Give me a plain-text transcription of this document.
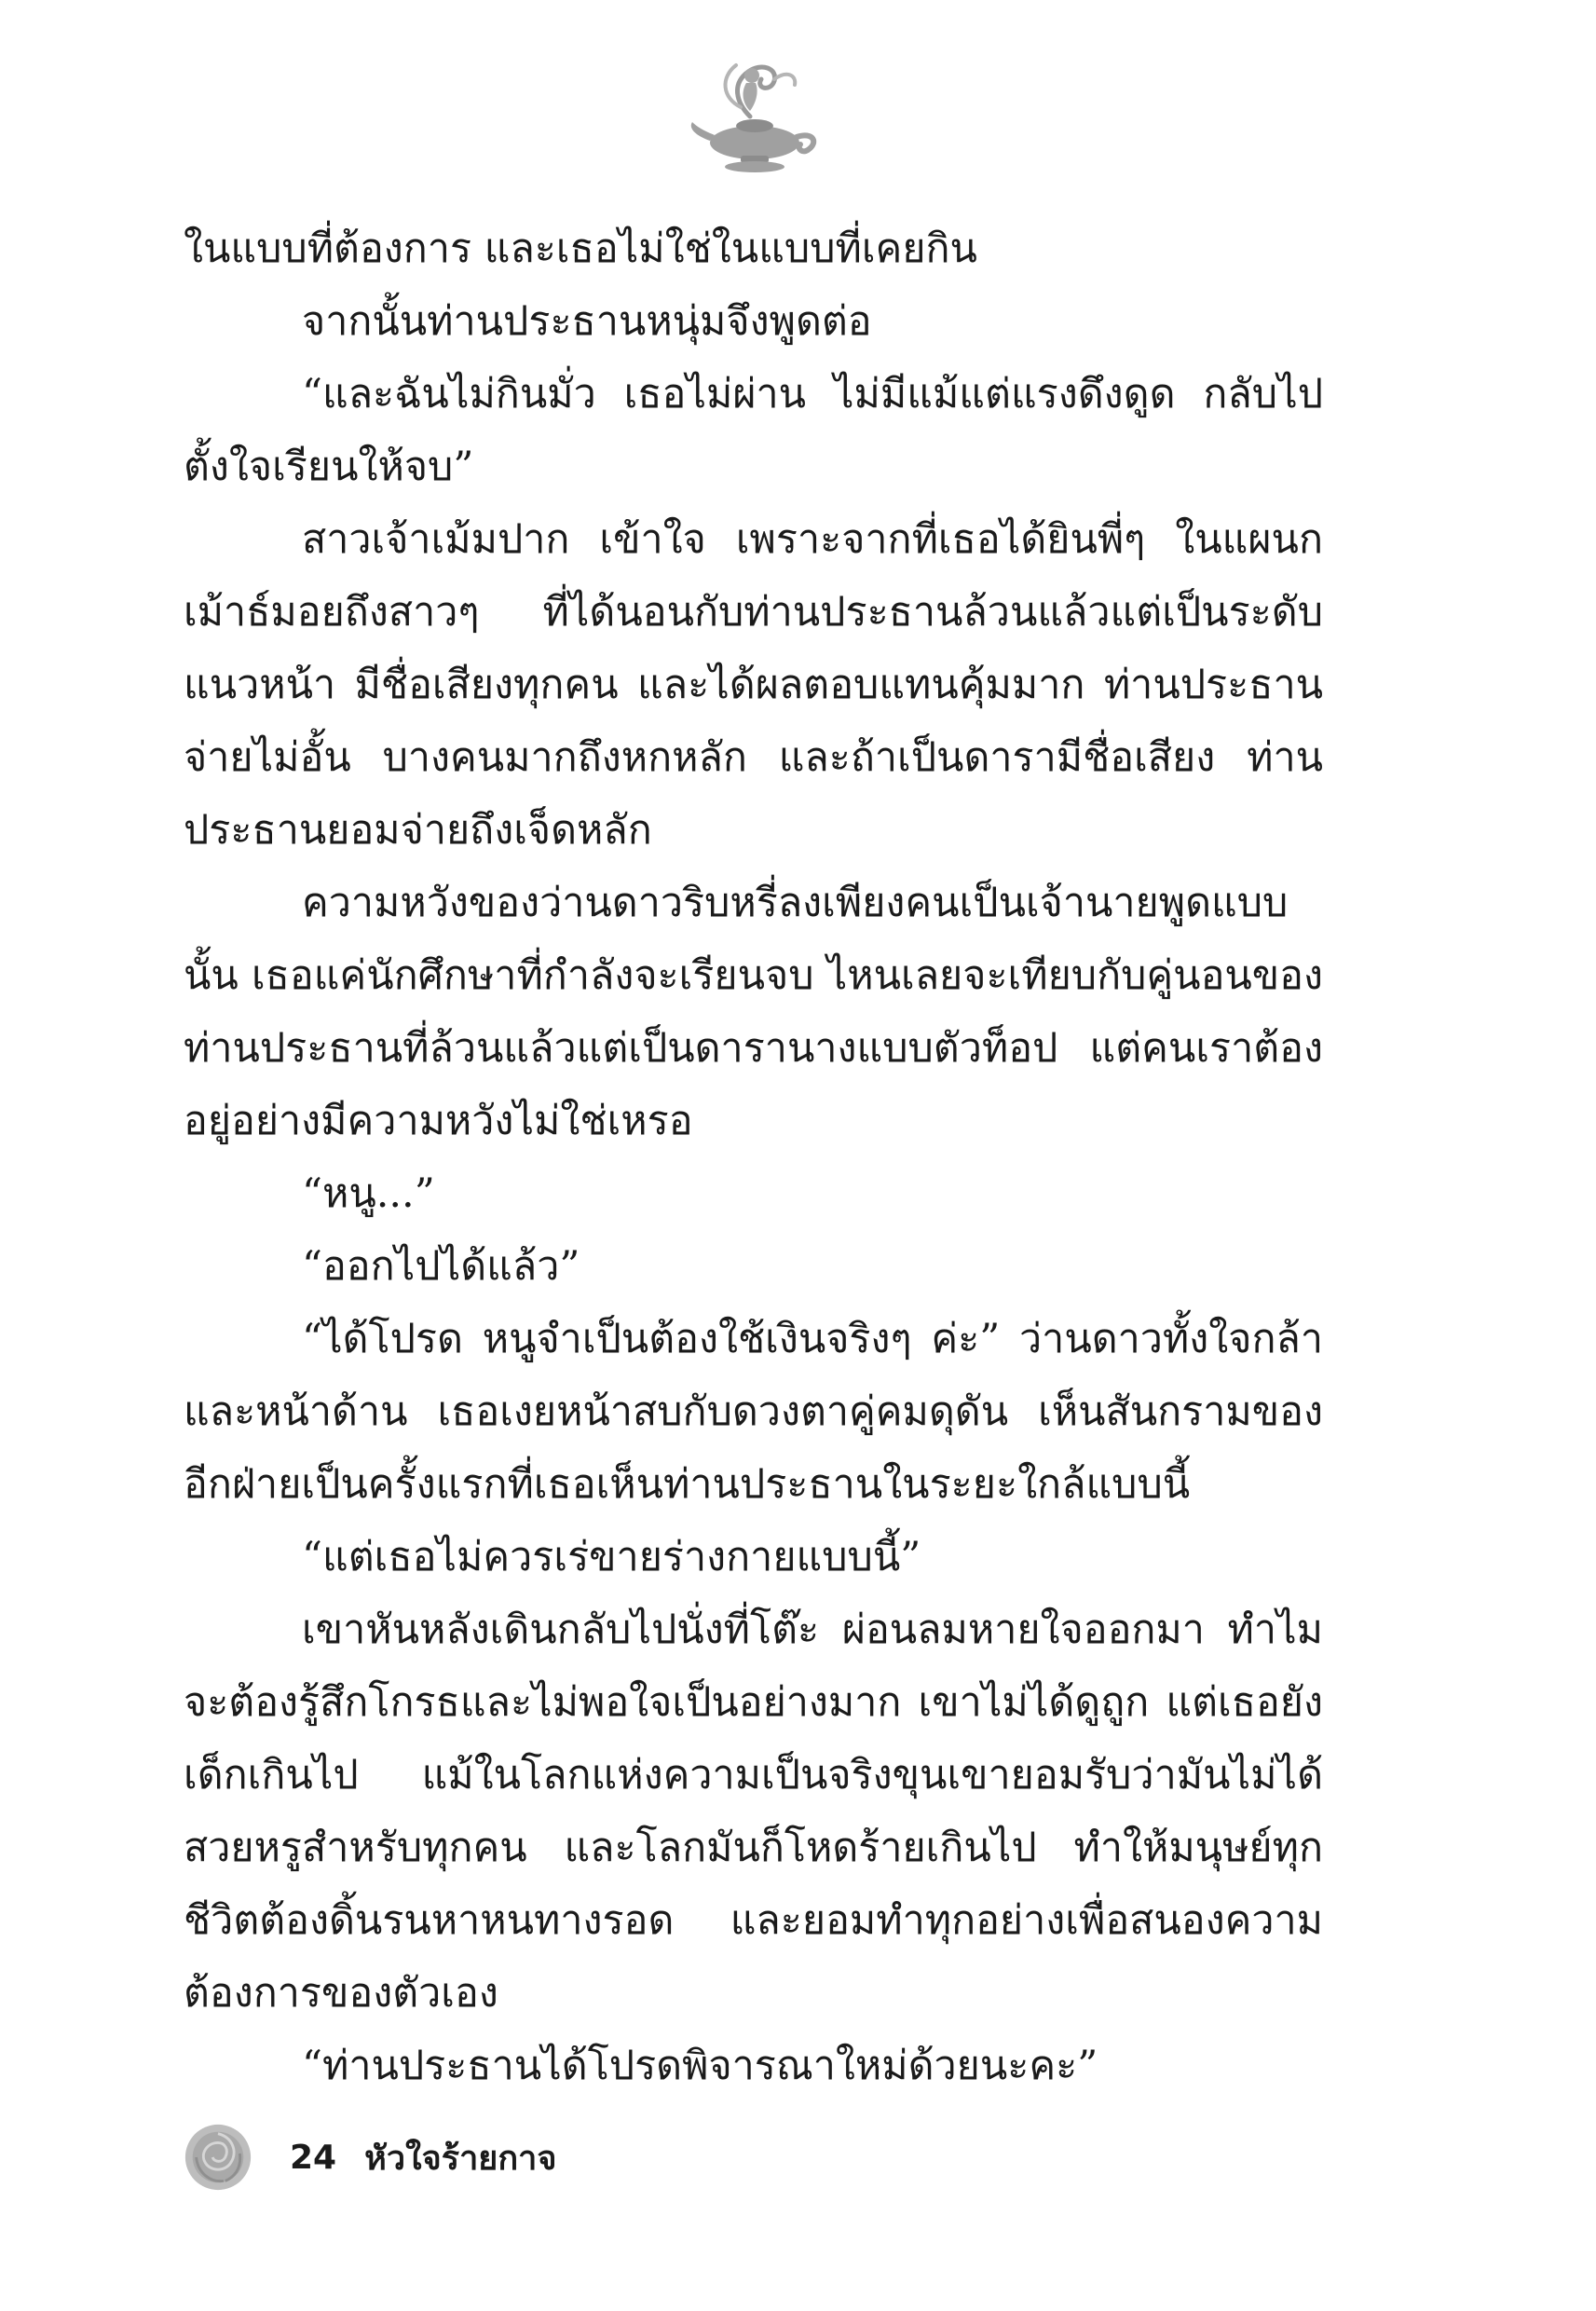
ในแบบที่ต้องการ และเธอไม่ใช่ในแบบที่เคยกิน

จากนั้นท่านประธานหนุ่มจึงพูดต่อ

“และฉันไม่กินมั่ว เธอไม่ผ่าน ไม่มีแม้แต่แรงดึงดูด กลับไปตั้งใจเรียนให้จบ”

สาวเจ้าเม้มปาก เข้าใจ เพราะจากที่เธอได้ยินพี่ๆ ในแผนกเม้าธ์มอยถึงสาวๆ ที่ได้นอนกับท่านประธานล้วนแล้วแต่เป็นระดับแนวหน้า มีชื่อเสียงทุกคน และได้ผลตอบแทนคุ้มมาก ท่านประธานจ่ายไม่อั้น บางคนมากถึงหกหลัก และถ้าเป็นดารามีชื่อเสียง ท่านประธานยอมจ่ายถึงเจ็ดหลัก

ความหวังของว่านดาวริบหรี่ลงเพียงคนเป็นเจ้านายพูดแบบนั้น เธอแค่นักศึกษาที่กำลังจะเรียนจบ ไหนเลยจะเทียบกับคู่นอนของท่านประธานที่ล้วนแล้วแต่เป็นดารานางแบบตัวท็อป แต่คนเราต้องอยู่อย่างมีความหวังไม่ใช่เหรอ

“หนู...”

“ออกไปได้แล้ว”

“ได้โปรด หนูจำเป็นต้องใช้เงินจริงๆ ค่ะ” ว่านดาวทั้งใจกล้าและหน้าด้าน เธอเงยหน้าสบกับดวงตาคู่คมดุดัน เห็นสันกรามของอีกฝ่ายเป็นครั้งแรกที่เธอเห็นท่านประธานในระยะใกล้แบบนี้

“แต่เธอไม่ควรเร่ขายร่างกายแบบนี้”

เขาหันหลังเดินกลับไปนั่งที่โต๊ะ ผ่อนลมหายใจออกมา ทำไมจะต้องรู้สึกโกรธและไม่พอใจเป็นอย่างมาก เขาไม่ได้ดูถูก แต่เธอยังเด็กเกินไป แม้ในโลกแห่งความเป็นจริงขุนเขายอมรับว่ามันไม่ได้สวยหรูสำหรับทุกคน และโลกมันก็โหดร้ายเกินไป ทำให้มนุษย์ทุกชีวิตต้องดิ้นรนหาหนทางรอด และยอมทำทุกอย่างเพื่อสนองความต้องการของตัวเอง

“ท่านประธานได้โปรดพิจารณาใหม่ด้วยนะคะ”

24 หัวใจร้ายกาจ
